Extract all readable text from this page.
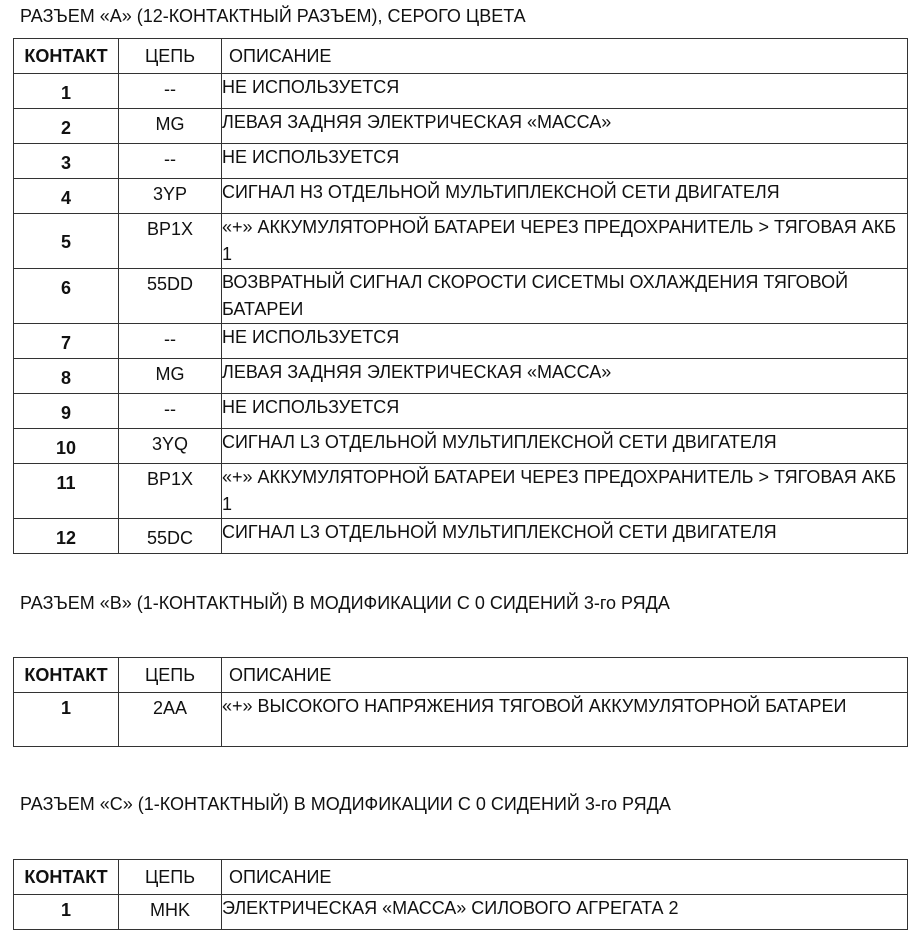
РАЗЪЕМ «А» (12-КОНТАКТНЫЙ РАЗЪЕМ), СЕРОГО ЦВЕТА
КОНТАКТ	ЦЕПЬ	ОПИСАНИЕ

1	--	НЕ ИСПОЛЬЗУЕТСЯ

2	MG	ЛЕВАЯ ЗАДНЯЯ ЭЛЕКТРИЧЕСКАЯ «МАССА»

3	--	НЕ ИСПОЛЬЗУЕТСЯ

4	3YP	СИГНАЛ H3 ОТДЕЛЬНОЙ МУЛЬТИПЛЕКСНОЙ СЕТИ ДВИГАТЕЛЯ

5	BP1X	«+» АККУМУЛЯТОРНОЙ БАТАРЕИ ЧЕРЕЗ ПРЕДОХРАНИТЕЛЬ > ТЯГОВАЯ АКБ 1

6	55DD	ВОЗВРАТНЫЙ СИГНАЛ СКОРОСТИ СИСЕТМЫ ОХЛАЖДЕНИЯ ТЯГОВОЙ БАТАРЕИ

7	--	НЕ ИСПОЛЬЗУЕТСЯ

8	MG	ЛЕВАЯ ЗАДНЯЯ ЭЛЕКТРИЧЕСКАЯ «МАССА»

9	--	НЕ ИСПОЛЬЗУЕТСЯ

10	3YQ	СИГНАЛ L3 ОТДЕЛЬНОЙ МУЛЬТИПЛЕКСНОЙ СЕТИ ДВИГАТЕЛЯ

11	BP1X	«+» АККУМУЛЯТОРНОЙ БАТАРЕИ ЧЕРЕЗ ПРЕДОХРАНИТЕЛЬ > ТЯГОВАЯ АКБ 1

12	55DC	СИГНАЛ L3 ОТДЕЛЬНОЙ МУЛЬТИПЛЕКСНОЙ СЕТИ ДВИГАТЕЛЯ
РАЗЪЕМ «В» (1-КОНТАКТНЫЙ) В МОДИФИКАЦИИ С 0 СИДЕНИЙ 3-го РЯДА
КОНТАКТ	ЦЕПЬ	ОПИСАНИЕ

1	2AA	«+» ВЫСОКОГО НАПРЯЖЕНИЯ ТЯГОВОЙ АККУМУЛЯТОРНОЙ БАТАРЕИ
РАЗЪЕМ «С» (1-КОНТАКТНЫЙ) В МОДИФИКАЦИИ С 0 СИДЕНИЙ 3-го РЯДА
КОНТАКТ	ЦЕПЬ	ОПИСАНИЕ

1	MHK	ЭЛЕКТРИЧЕСКАЯ «МАССА» СИЛОВОГО АГРЕГАТА 2
